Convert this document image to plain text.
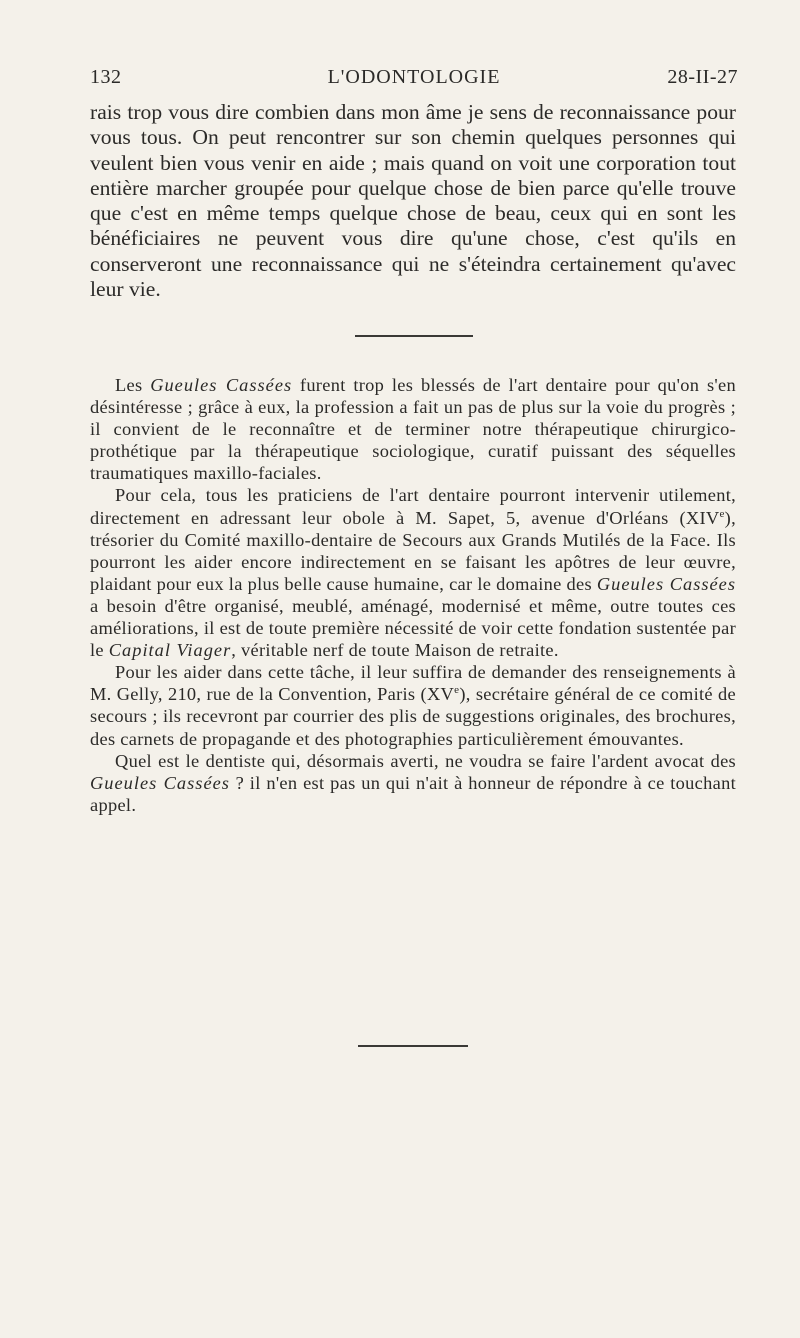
132	L'ODONTOLOGIE	28-II-27

rais trop vous dire combien dans mon âme je sens de reconnaissance pour vous tous. On peut rencontrer sur son chemin quelques personnes qui veulent bien vous venir en aide ; mais quand on voit une corporation tout entière marcher groupée pour quelque chose de bien parce qu'elle trouve que c'est en même temps quelque chose de beau, ceux qui en sont les bénéficiaires ne peuvent vous dire qu'une chose, c'est qu'ils en conserveront une reconnaissance qui ne s'éteindra certainement qu'avec leur vie.

Les Gueules Cassées furent trop les blessés de l'art dentaire pour qu'on s'en désintéresse ; grâce à eux, la profession a fait un pas de plus sur la voie du progrès ; il convient de le reconnaître et de terminer notre thérapeutique chirurgico-prothétique par la thérapeutique sociologique, curatif puissant des séquelles traumatiques maxillo-faciales.

Pour cela, tous les praticiens de l'art dentaire pourront intervenir utilement, directement en adressant leur obole à M. Sapet, 5, avenue d'Orléans (XIVe), trésorier du Comité maxillo-dentaire de Secours aux Grands Mutilés de la Face. Ils pourront les aider encore indirectement en se faisant les apôtres de leur œuvre, plaidant pour eux la plus belle cause humaine, car le domaine des Gueules Cassées a besoin d'être organisé, meublé, aménagé, modernisé et même, outre toutes ces améliorations, il est de toute première nécessité de voir cette fondation sustentée par le Capital Viager, véritable nerf de toute Maison de retraite.

Pour les aider dans cette tâche, il leur suffira de demander des renseignements à M. Gelly, 210, rue de la Convention, Paris (XVe), secrétaire général de ce comité de secours ; ils recevront par courrier des plis de suggestions originales, des brochures, des carnets de propagande et des photographies particulièrement émouvantes.

Quel est le dentiste qui, désormais averti, ne voudra se faire l'ardent avocat des Gueules Cassées ? il n'en est pas un qui n'ait à honneur de répondre à ce touchant appel.
